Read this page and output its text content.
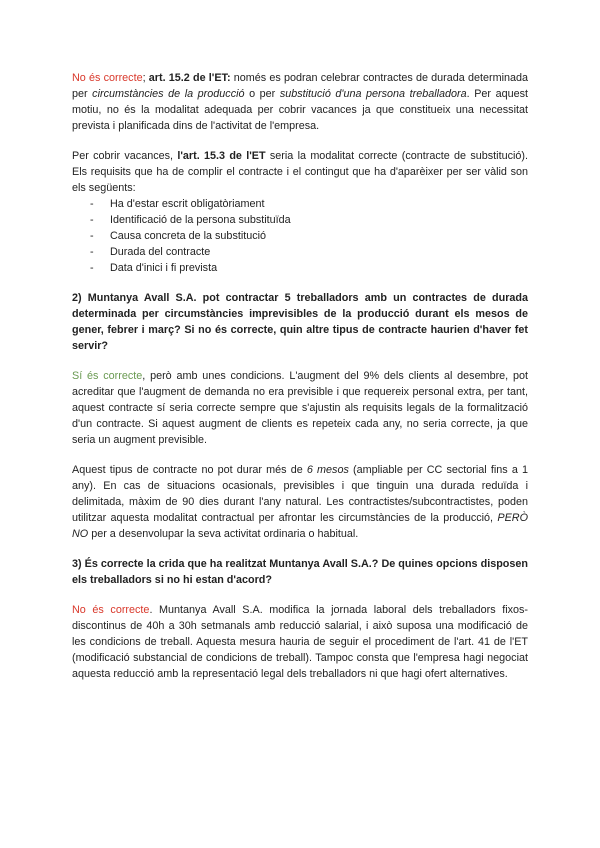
No és correcte; art. 15.2 de l'ET: només es podran celebrar contractes de durada determinada per circumstàncies de la producció o per substitució d'una persona treballadora. Per aquest motiu, no és la modalitat adequada per cobrir vacances ja que constitueix una necessitat prevista i planificada dins de l'activitat de l'empresa.

Per cobrir vacances, l'art. 15.3 de l'ET seria la modalitat correcte (contracte de substitució). Els requisits que ha de complir el contracte i el contingut que ha d'aparèixer per ser vàlid son els següents:

- Ha d'estar escrit obligatòriament
- Identificació de la persona substituïda
- Causa concreta de la substitució
- Durada del contracte
- Data d'inici i fi prevista

2) Muntanya Avall S.A. pot contractar 5 treballadors amb un contractes de durada determinada per circumstàncies imprevisibles de la producció durant els mesos de gener, febrer i març? Si no és correcte, quin altre tipus de contracte haurien d'haver fet servir?

Sí és correcte, però amb unes condicions. L'augment del 9% dels clients al desembre, pot acreditar que l'augment de demanda no era previsible i que requereix personal extra, per tant, aquest contracte sí seria correcte sempre que s'ajustin als requisits legals de la formalització d'un contracte. Si aquest augment de clients es repeteix cada any, no seria correcte, ja que seria un augment previsible.

Aquest tipus de contracte no pot durar més de 6 mesos (ampliable per CC sectorial fins a 1 any). En cas de situacions ocasionals, previsibles i que tinguin una durada reduïda i delimitada, màxim de 90 dies durant l'any natural. Les contractistes/subcontractistes, poden utilitzar aquesta modalitat contractual per afrontar les circumstàncies de la producció, PERÒ NO per a desenvolupar la seva activitat ordinaria o habitual.

3) És correcte la crida que ha realitzat Muntanya Avall S.A.? De quines opcions disposen els treballadors si no hi estan d'acord?

No és correcte. Muntanya Avall S.A. modifica la jornada laboral dels treballadors fixos-discontinus de 40h a 30h setmanals amb reducció salarial, i això suposa una modificació de les condicions de treball. Aquesta mesura hauria de seguir el procediment de l'art. 41 de l'ET (modificació substancial de condicions de treball). Tampoc consta que l'empresa hagi negociat aquesta reducció amb la representació legal dels treballadors ni que hagi ofert alternatives.
